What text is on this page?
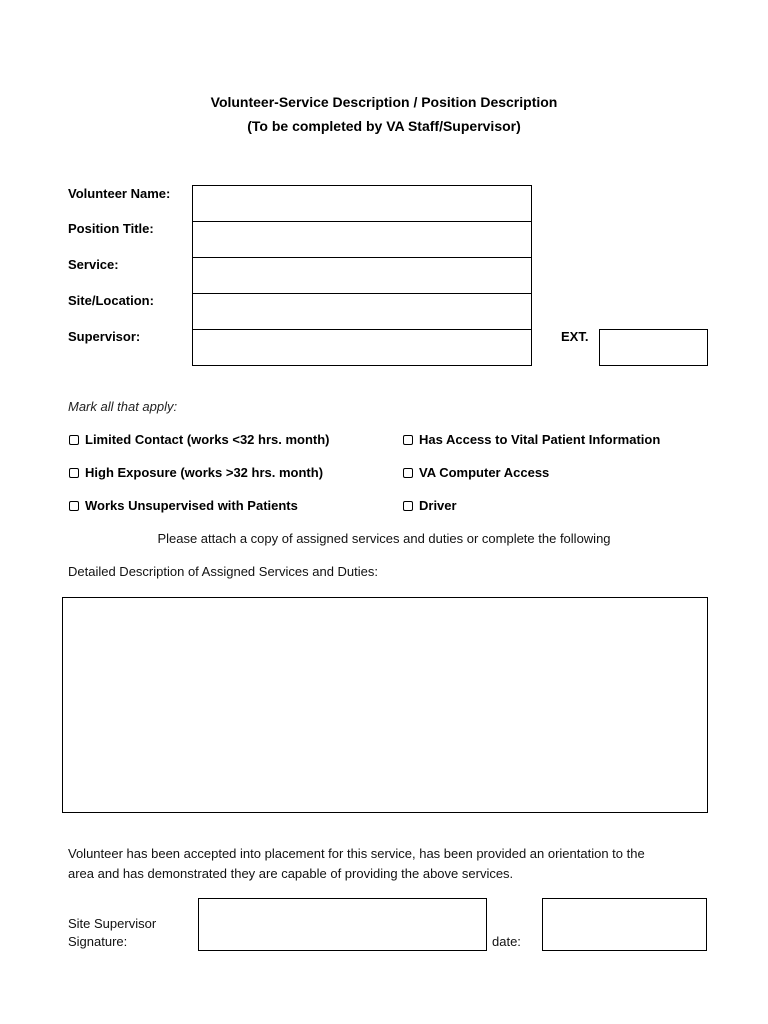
Volunteer-Service Description / Position Description
(To be completed by VA Staff/Supervisor)
Volunteer Name:
Position Title:
Service:
Site/Location:
Supervisor:	EXT.
Mark all that apply:
Limited Contact (works <32 hrs. month)	Has Access to Vital Patient Information
High Exposure (works >32 hrs. month)	VA Computer Access
Works Unsupervised with Patients	Driver
Please attach a copy of assigned services and duties or complete the following
Detailed Description of Assigned Services and Duties:
Volunteer has been accepted into placement for this service, has been provided an orientation to the
area and has demonstrated they are capable of providing the above services.
Site Supervisor
Signature:	date:
